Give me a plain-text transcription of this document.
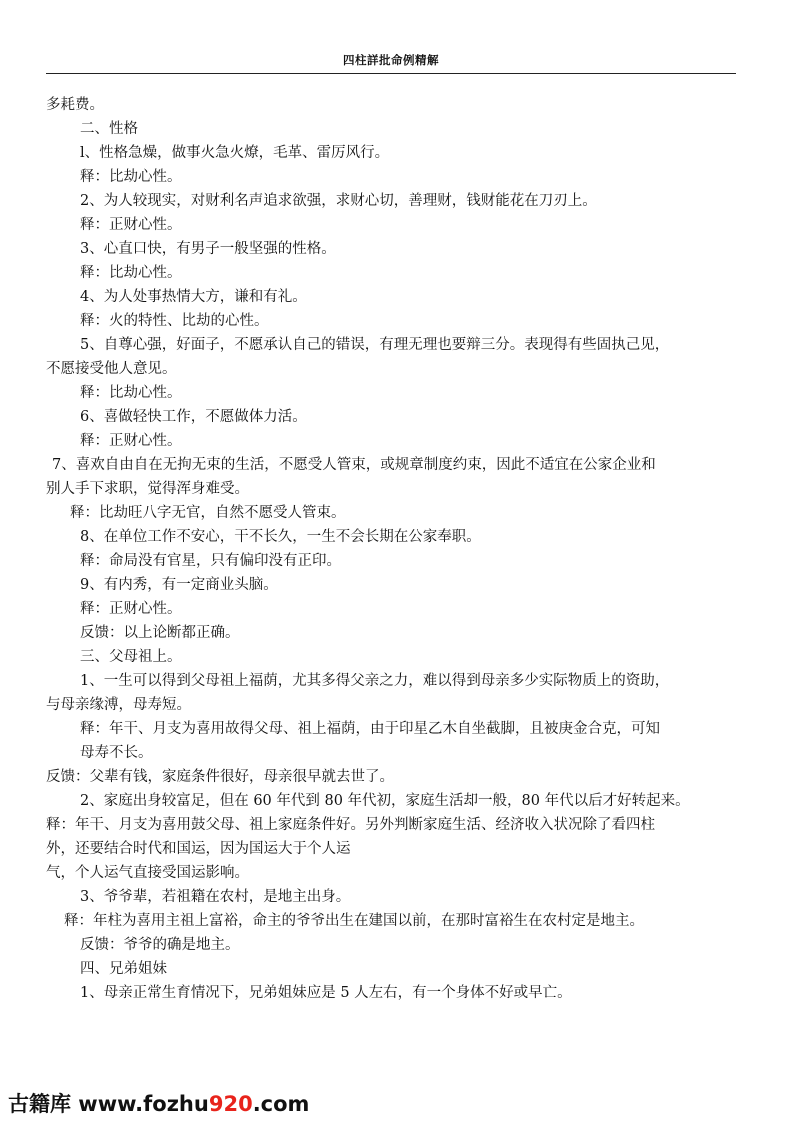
四柱詳批命例精解
多耗费。
二、性格
l、性格急燥，做事火急火燎，毛革、雷厉风行。
释：比劫心性。
2、为人较现实，对财利名声追求欲强，求财心切，善理财，钱财能花在刀刃上。
释：正财心性。
3、心直口快，有男子一般坚强的性格。
释：比劫心性。
4、为人处事热情大方，谦和有礼。
释：火的特性、比劫的心性。
5、自尊心强，好面子，不愿承认自己的错误，有理无理也要辩三分。表现得有些固执己见，
不愿接受他人意见。
释：比劫心性。
6、喜做轻快工作，不愿做体力活。
释：正财心性。
7、喜欢自由自在无拘无束的生活，不愿受人管束，或规章制度约束，因此不适宜在公家企业和
别人手下求职，觉得浑身难受。
释：比劫旺八字无官，自然不愿受人管束。
8、在单位工作不安心，干不长久，一生不会长期在公家奉职。
释：命局没有官星，只有偏印没有正印。
9、有内秀，有一定商业头脑。
释：正财心性。
反馈：以上论断都正确。
三、父母祖上。
1、一生可以得到父母祖上福荫，尤其多得父亲之力，难以得到母亲多少实际物质上的资助，
与母亲缘溥，母寿短。
释：年干、月支为喜用故得父母、祖上福荫，由于印星乙木自坐截脚，且被庚金合克，可知
母寿不长。
反馈：父辈有钱，家庭条件很好，母亲很早就去世了。
2、家庭出身较富足，但在 60 年代到 80 年代初，家庭生活却一般，80 年代以后才好转起来。
释：年干、月支为喜用鼓父母、祖上家庭条件好。另外判断家庭生活、经济收入状况除了看四柱
外，还要结合时代和国运，因为国运大于个人运
气，个人运气直接受国运影响。
3、爷爷辈，若祖籍在农村，是地主出身。
释：年柱为喜用主祖上富裕，命主的爷爷出生在建国以前，在那时富裕生在农村定是地主。
反馈：爷爷的确是地主。
四、兄弟姐妹
1、母亲正常生育情况下，兄弟姐妹应是 5 人左右，有一个身体不好或早亡。
古籍库 www.fozhu920.com
